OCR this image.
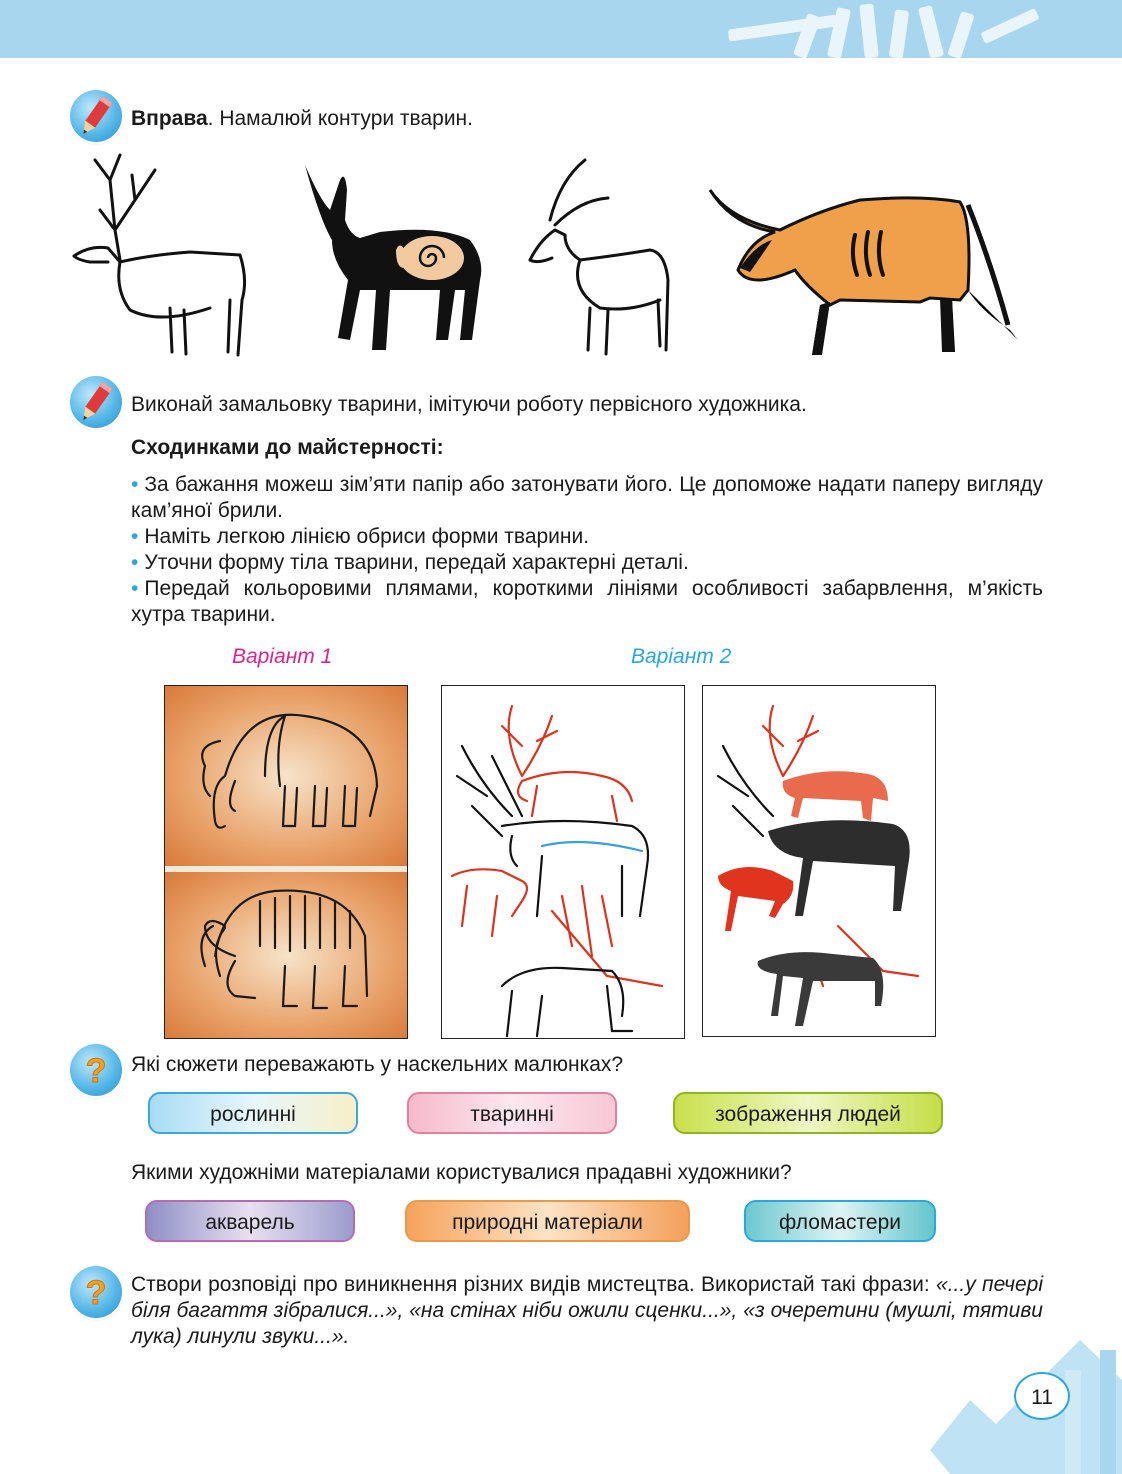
Вправа. Намалюй контури тварин.
Виконай замальовку тварини, імітуючи роботу первісного художника.
Сходинками до майстерності:
• За бажання можеш зім’яти папір або затонувати його. Це допоможе надати паперу вигляду кам’яної брили.
• Наміть легкою лінією обриси форми тварини.
• Уточни форму тіла тварини, передай характерні деталі.
• Передай кольоровими плямами, короткими лініями особливості забарвлення, м’якість хутра тварини.
Варіант 1	Варіант 2
? Які сюжети переважають у наскельних малюнках?
рослинні	тваринні	зображення людей
Якими художніми матеріалами користувалися прадавні художники?
акварель	природні матеріали	фломастери
? Створи розповіді про виникнення різних видів мистецтва. Використай такі фрази: «...у печері біля багаття зібралися...», «на стінах ніби ожили сценки...», «з очеретини (мушлі, тятиви лука) линули звуки...».
11
